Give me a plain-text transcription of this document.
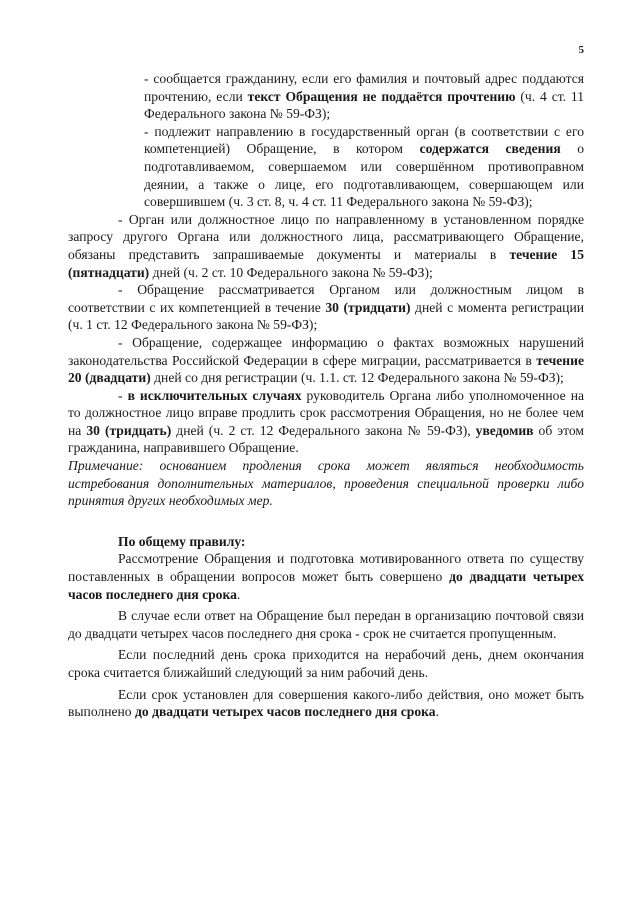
5

- сообщается гражданину, если его фамилия и почтовый адрес поддаются прочтению, если текст Обращения не поддаётся прочтению (ч. 4 ст. 11 Федерального закона № 59-ФЗ);

- подлежит направлению в государственный орган (в соответствии с его компетенцией) Обращение, в котором содержатся сведения о подготавливаемом, совершаемом или совершённом противоправном деянии, а также о лице, его подготавливающем, совершающем или совершившем (ч. 3 ст. 8, ч. 4 ст. 11 Федерального закона № 59-ФЗ);

- Орган или должностное лицо по направленному в установленном порядке запросу другого Органа или должностного лица, рассматривающего Обращение, обязаны представить запрашиваемые документы и материалы в течение 15 (пятнадцати) дней (ч. 2 ст. 10 Федерального закона № 59-ФЗ);

- Обращение рассматривается Органом или должностным лицом в соответствии с их компетенцией в течение 30 (тридцати) дней с момента регистрации (ч. 1 ст. 12 Федерального закона № 59-ФЗ);

- Обращение, содержащее информацию о фактах возможных нарушений законодательства Российской Федерации в сфере миграции, рассматривается в течение 20 (двадцати) дней со дня регистрации (ч. 1.1. ст. 12 Федерального закона № 59-ФЗ);

- в исключительных случаях руководитель Органа либо уполномоченное на то должностное лицо вправе продлить срок рассмотрения Обращения, но не более чем на 30 (тридцать) дней (ч. 2 ст. 12 Федерального закона № 59-ФЗ), уведомив об этом гражданина, направившего Обращение.

Примечание: основанием продления срока может являться необходимость истребования дополнительных материалов, проведения специальной проверки либо принятия других необходимых мер.

По общему правилу:

Рассмотрение Обращения и подготовка мотивированного ответа по существу поставленных в обращении вопросов может быть совершено до двадцати четырех часов последнего дня срока.

В случае если ответ на Обращение был передан в организацию почтовой связи до двадцати четырех часов последнего дня срока - срок не считается пропущенным.

Если последний день срока приходится на нерабочий день, днем окончания срока считается ближайший следующий за ним рабочий день.

Если срок установлен для совершения какого-либо действия, оно может быть выполнено до двадцати четырех часов последнего дня срока.
